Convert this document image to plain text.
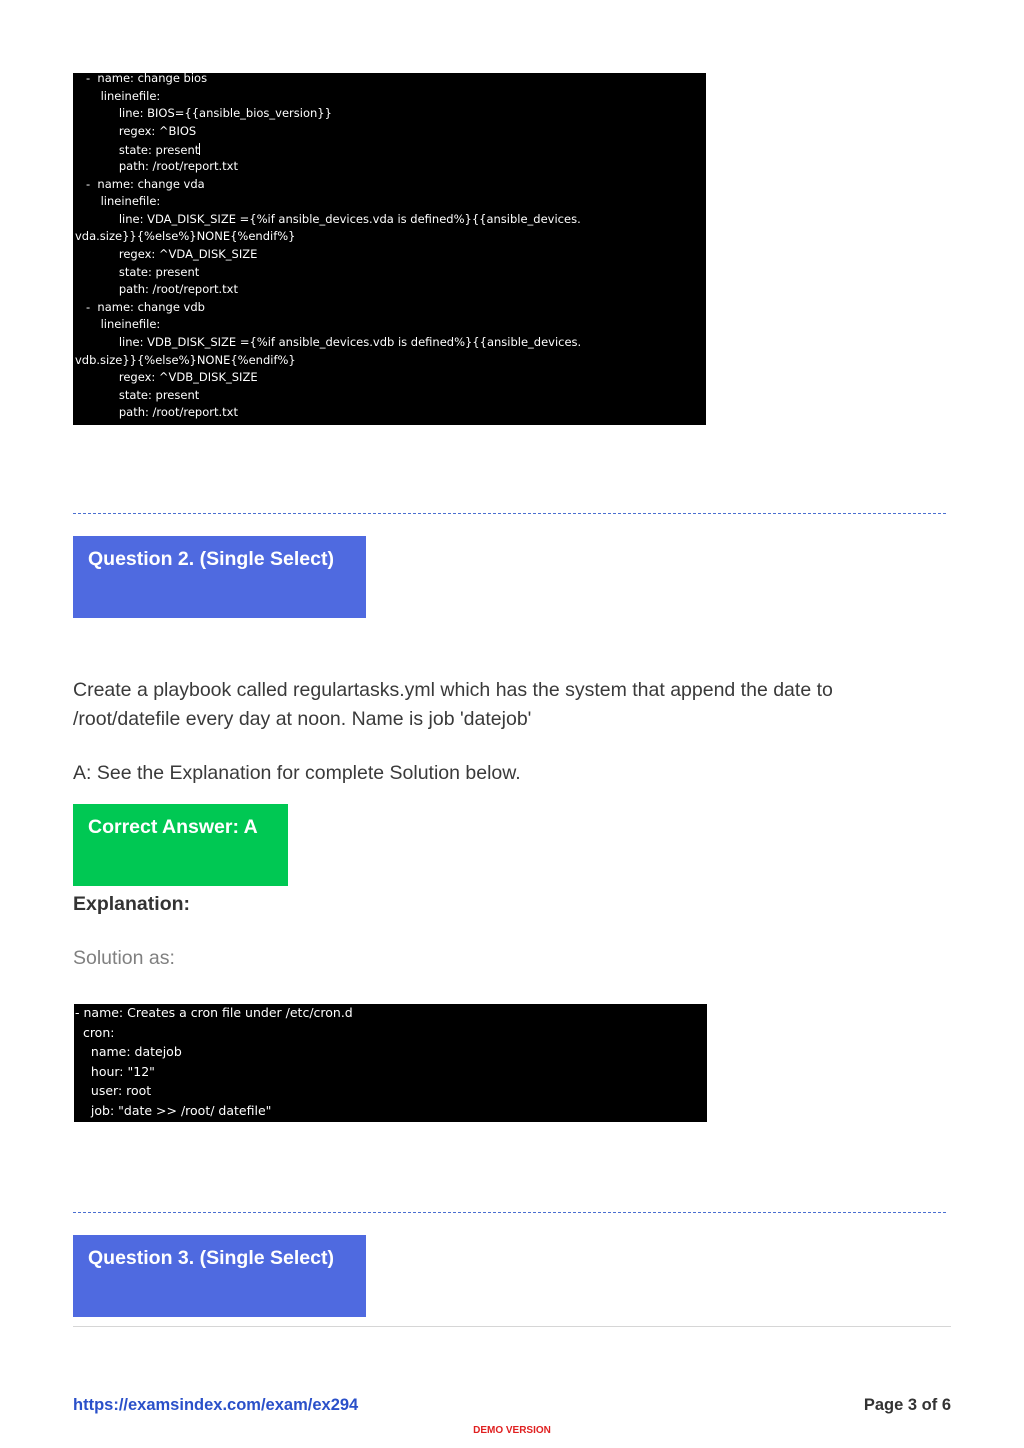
-  name: change bios
lineinefile:
line: BIOS={{ansible_bios_version}}
regex: ^BIOS
state: present
path: /root/report.txt
-  name: change vda
lineinefile:
line: VDA_DISK_SIZE ={%if ansible_devices.vda is defined%}{{ansible_devices.
vda.size}}{%else%}NONE{%endif%}
regex: ^VDA_DISK_SIZE
state: present
path: /root/report.txt
-  name: change vdb
lineinefile:
line: VDB_DISK_SIZE ={%if ansible_devices.vdb is defined%}{{ansible_devices.
vdb.size}}{%else%}NONE{%endif%}
regex: ^VDB_DISK_SIZE
state: present
path: /root/report.txt
Question 2. (Single Select)
Create a playbook called regulartasks.yml which has the system that append the date to
/root/datefile every day at noon. Name is job 'datejob'
A: See the Explanation for complete Solution below.
Correct Answer: A
Explanation:
Solution as:
- name: Creates a cron file under /etc/cron.d
cron:
name: datejob
hour: "12"
user: root
job: "date >> /root/ datefile"
Question 3. (Single Select)
https://examsindex.com/exam/ex294	Page 3 of 6
DEMO VERSION
